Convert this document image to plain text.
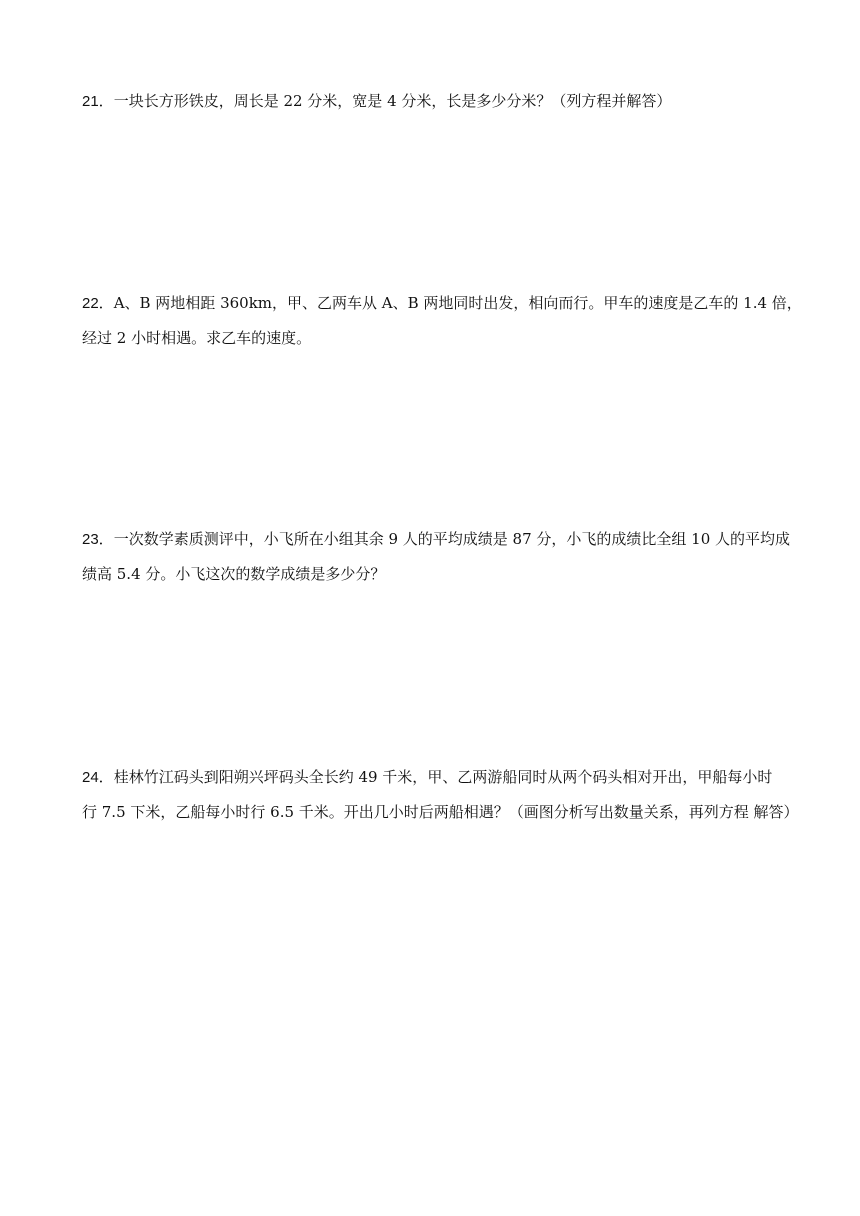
21．一块长方形铁皮，周长是 22 分米，宽是 4 分米，长是多少分米？（列方程并解答）
22．A、B 两地相距 360km，甲、乙两车从 A、B 两地同时出发，相向而行。甲车的速度是乙车的 1.4 倍，
经过 2 小时相遇。求乙车的速度。
23．一次数学素质测评中，小飞所在小组其余 9 人的平均成绩是 87 分，小飞的成绩比全组 10 人的平均成
绩高 5.4 分。小飞这次的数学成绩是多少分？
24．桂林竹江码头到阳朔兴坪码头全长约 49 千米，甲、乙两游船同时从两个码头相对开出，甲船每小时
行 7.5 下米，乙船每小时行 6.5 千米。开出几小时后两船相遇？（画图分析写出数量关系，再列方程 解答）
